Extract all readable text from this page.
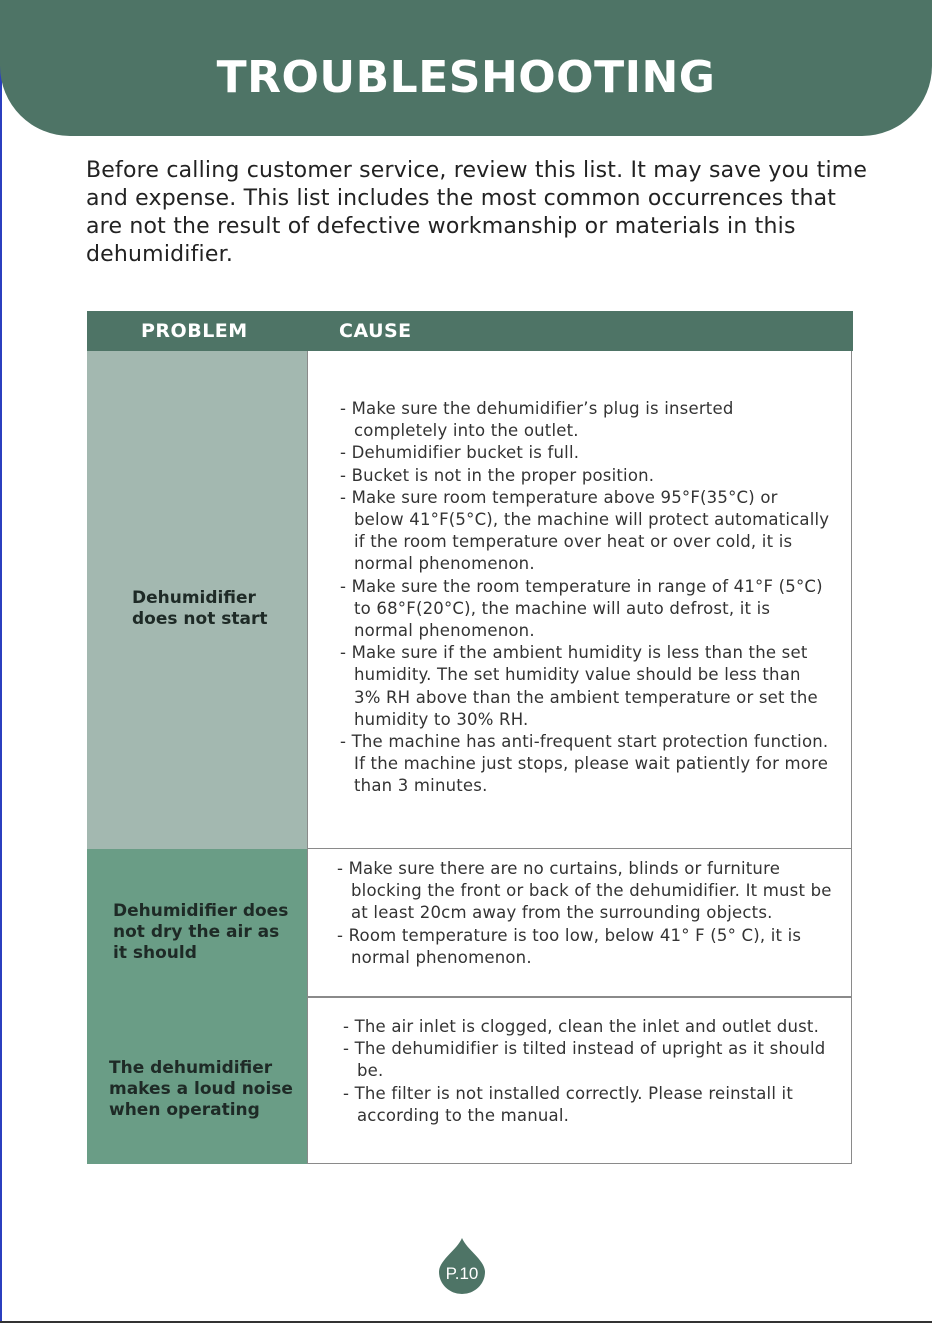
TROUBLESHOOTING
Before calling customer service, review this list. It may save you time and expense. This list includes the most common occurrences that are not the result of defective workmanship or materials in this dehumidifier.
PROBLEM	CAUSE
Dehumidifier does not start
- Make sure the dehumidifier’s plug is inserted completely into the outlet.
- Dehumidifier bucket is full.
- Bucket is not in the proper position.
- Make sure room temperature above 95°F(35°C) or below 41°F(5°C), the machine will protect automatically if the room temperature over heat or over cold, it is normal phenomenon.
- Make sure the room temperature in range of 41°F (5°C) to 68°F(20°C), the machine will auto defrost, it is normal phenomenon.
- Make sure if the ambient humidity is less than the set humidity. The set humidity value should be less than 3% RH above than the ambient temperature or set the humidity to 30% RH.
- The machine has anti-frequent start protection function. If the machine just stops, please wait patiently for more than 3 minutes.
Dehumidifier does not dry the air as it should
- Make sure there are no curtains, blinds or furniture blocking the front or back of the dehumidifier. It must be at least 20cm away from the surrounding objects.
- Room temperature is too low, below 41° F (5° C), it is normal phenomenon.
The dehumidifier makes a loud noise when operating
- The air inlet is clogged, clean the inlet and outlet dust.
- The dehumidifier is tilted instead of upright as it should be.
- The filter is not installed correctly. Please reinstall it according to the manual.
P.10
